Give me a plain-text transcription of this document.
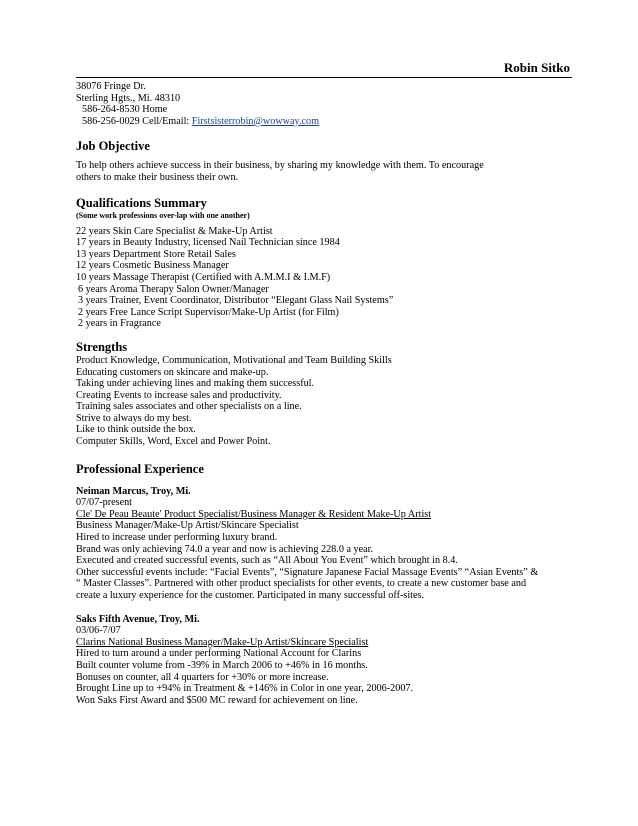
Robin Sitko
38076 Fringe Dr.
Sterling Hgts., Mi. 48310
586-264-8530 Home
586-256-0029 Cell/Email: Firstsisterrobin@wowway.com
Job Objective
To help others achieve success in their business, by sharing my knowledge with them. To encourage
others to make their business their own.
Qualifications Summary
(Some work professions over-lap with one another)
22 years Skin Care Specialist & Make-Up Artist
17 years in Beauty Industry, licensed Nail Technician since 1984
13 years Department Store Retail Sales
12 years Cosmetic Business Manager
10 years Massage Therapist (Certified with A.M.M.I & I.M.F)
6 years Aroma Therapy Salon Owner/Manager
3 years Trainer, Event Coordinator, Distributor “Elegant Glass Nail Systems”
2 years Free Lance Script Supervisor/Make-Up Artist (for Film)
2 years in Fragrance
Strengths
Product Knowledge, Communication, Motivational and Team Building Skills
Educating customers on skincare and make-up.
Taking under achieving lines and making them successful.
Creating Events to increase sales and productivity.
Training sales associates and other specialists on a line.
Strive to always do my best.
Like to think outside the box.
Computer Skills, Word, Excel and Power Point.
Professional Experience
Neiman Marcus, Troy, Mi.
07/07-present
Cle' De Peau Beaute' Product Specialist/Business Manager & Resident Make-Up Artist
Business Manager/Make-Up Artist/Skincare Specialist
Hired to increase under performing luxury brand.
Brand was only achieving 74.0 a year and now is achieving 228.0 a year.
Executed and created successful events, such as “All About You Event” which brought in 8.4.
Other successful events include: “Facial Events”, “Signature Japanese Facial Massage Events” “Asian Events” &
“ Master Classes”. Partnered with other product specialists for other events, to create a new customer base and
create a luxury experience for the customer. Participated in many successful off-sites.
Saks Fifth Avenue, Troy, Mi.
03/06-7/07
Clarins National Business Manager/Make-Up Artist/Skincare Specialist
Hired to turn around a under performing National Account for Clarins
Built counter volume from -39% in March 2006 to +46% in 16 months.
Bonuses on counter, all 4 quarters for +30% or more increase.
Brought Line up to +94% in Treatment & +146% in Color in one year, 2006-2007.
Won Saks First Award and $500 MC reward for achievement on line.
